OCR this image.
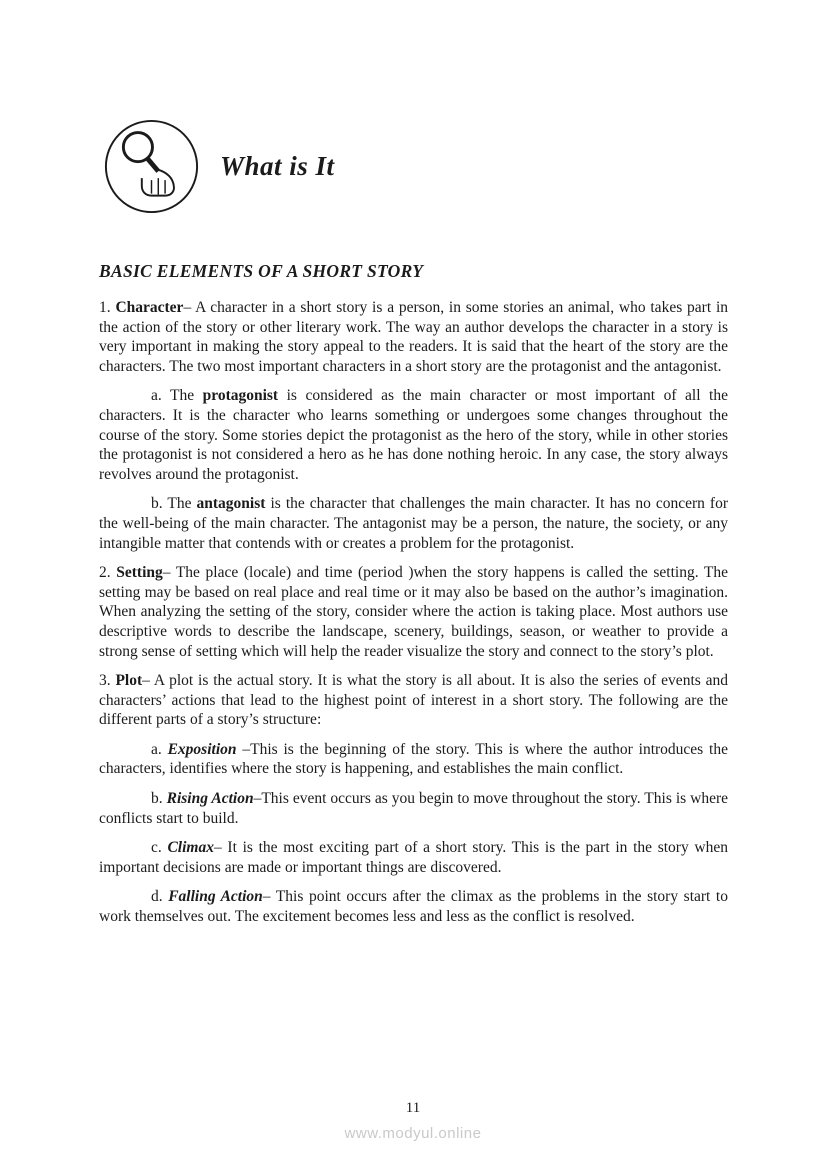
What is It
BASIC ELEMENTS OF A SHORT STORY

1. Character– A character in a short story is a person, in some stories an animal, who takes part in the action of the story or other literary work. The way an author develops the character in a story is very important in making the story appeal to the readers. It is said that the heart of the story are the characters. The two most important characters in a short story are the protagonist and the antagonist.

a. The protagonist is considered as the main character or most important of all the characters. It is the character who learns something or undergoes some changes throughout the course of the story. Some stories depict the protagonist as the hero of the story, while in other stories the protagonist is not considered a hero as he has done nothing heroic. In any case, the story always revolves around the protagonist.

b. The antagonist is the character that challenges the main character. It has no concern for the well-being of the main character. The antagonist may be a person, the nature, the society, or any intangible matter that contends with or creates a problem for the protagonist.

2. Setting– The place (locale) and time (period )when the story happens is called the setting. The setting may be based on real place and real time or it may also be based on the author’s imagination. When analyzing the setting of the story, consider where the action is taking place. Most authors use descriptive words to describe the landscape, scenery, buildings, season, or weather to provide a strong sense of setting which will help the reader visualize the story and connect to the story’s plot.

3. Plot– A plot is the actual story. It is what the story is all about. It is also the series of events and characters’ actions that lead to the highest point of interest in a short story. The following are the different parts of a story’s structure:

a. Exposition –This is the beginning of the story. This is where the author introduces the characters, identifies where the story is happening, and establishes the main conflict.

b. Rising Action–This event occurs as you begin to move throughout the story. This is where conflicts start to build.

c. Climax– It is the most exciting part of a short story. This is the part in the story when important decisions are made or important things are discovered.

d. Falling Action– This point occurs after the climax as the problems in the story start to work themselves out. The excitement becomes less and less as the conflict is resolved.

11
www.modyul.online
